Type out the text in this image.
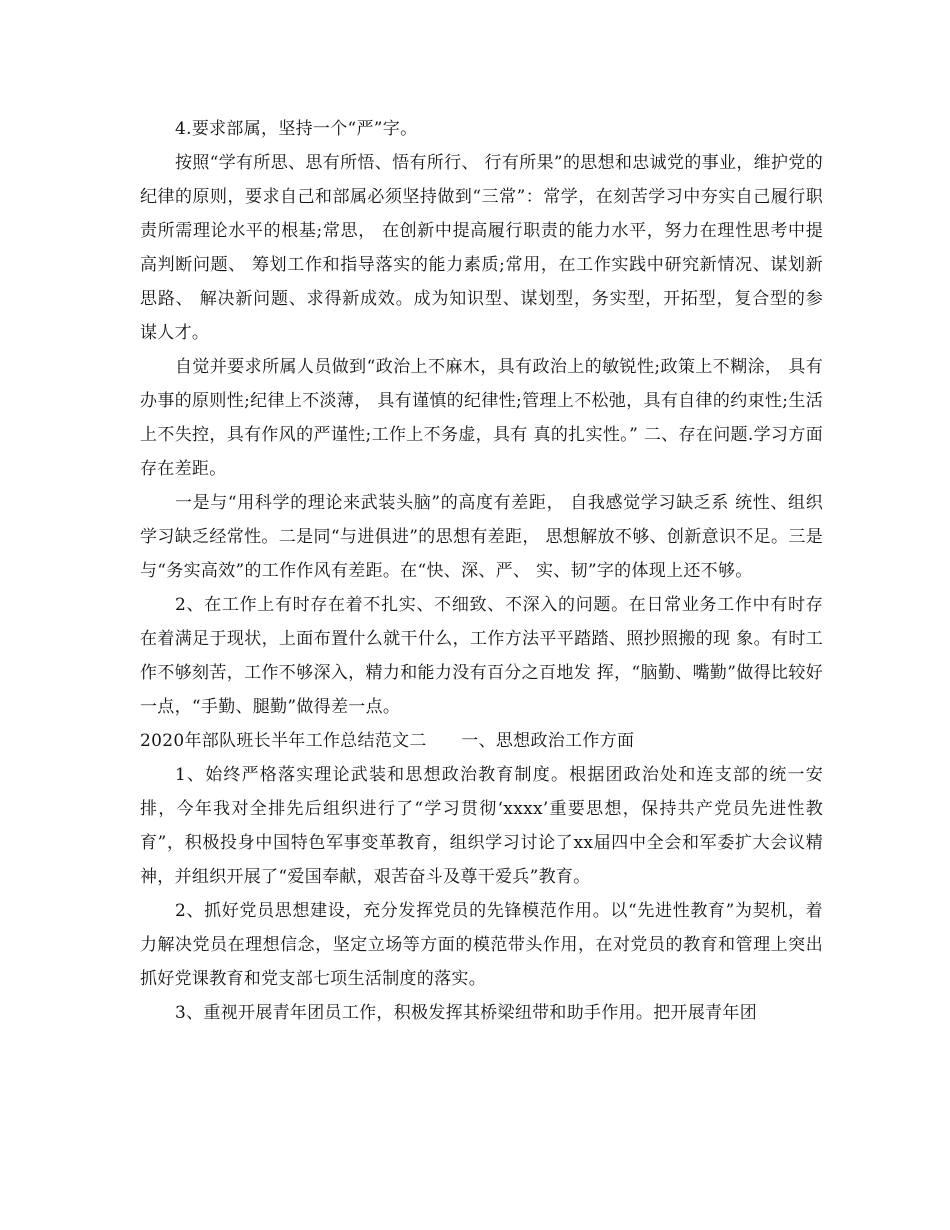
4.要求部属，坚持一个“严”字。

按照“学有所思、思有所悟、悟有所行、 行有所果”的思想和忠诚党的事业，维护党的纪律的原则，要求自己和部属必须坚持做到“三常”：常学，在刻苦学习中夯实自己履行职责所需理论水平的根基;常思， 在创新中提高履行职责的能力水平，努力在理性思考中提高判断问题、 筹划工作和指导落实的能力素质;常用，在工作实践中研究新情况、谋划新思路、 解决新问题、求得新成效。成为知识型、谋划型，务实型，开拓型，复合型的参 谋人才。

自觉并要求所属人员做到“政治上不麻木，具有政治上的敏锐性;政策上不糊涂， 具有办事的原则性;纪律上不淡薄， 具有谨慎的纪律性;管理上不松弛，具有自律的约束性;生活上不失控，具有作风的严谨性;工作上不务虚，具有 真的扎实性。” 二、存在问题.学习方面存在差距。

一是与“用科学的理论来武装头脑”的高度有差距， 自我感觉学习缺乏系 统性、组织学习缺乏经常性。二是同“与进俱进”的思想有差距， 思想解放不够、创新意识不足。三是与“务实高效”的工作作风有差距。在“快、深、严、 实、韧”字的体现上还不够。

2、在工作上有时存在着不扎实、不细致、不深入的问题。在日常业务工作中有时存在着满足于现状，上面布置什么就干什么，工作方法平平踏踏、照抄照搬的现 象。有时工作不够刻苦，工作不够深入，精力和能力没有百分之百地发 挥，“脑勤、嘴勤”做得比较好一点，“手勤、腿勤”做得差一点。

2020年部队班长半年工作总结范文二　　一、思想政治工作方面

1、始终严格落实理论武装和思想政治教育制度。根据团政治处和连支部的统一安排，今年我对全排先后组织进行了“学习贯彻‘xxxx’重要思想，保持共产党员先进性教育”，积极投身中国特色军事变革教育，组织学习讨论了xx届四中全会和军委扩大会议精神，并组织开展了“爱国奉献，艰苦奋斗及尊干爱兵”教育。

2、抓好党员思想建设，充分发挥党员的先锋模范作用。以“先进性教育”为契机，着力解决党员在理想信念，坚定立场等方面的模范带头作用，在对党员的教育和管理上突出抓好党课教育和党支部七项生活制度的落实。

3、重视开展青年团员工作，积极发挥其桥梁纽带和助手作用。把开展青年团
